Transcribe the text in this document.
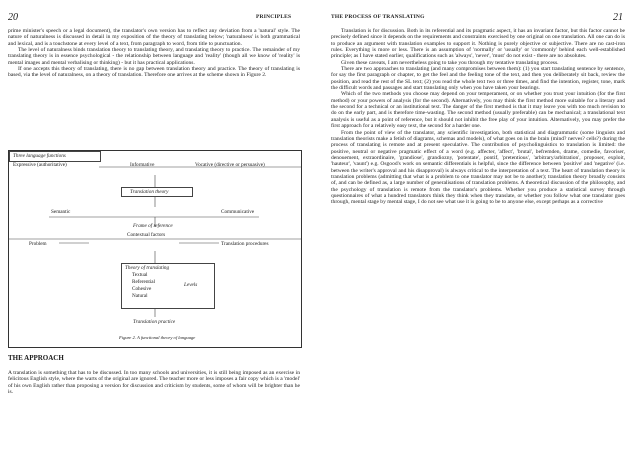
20	PRINCIPLES

prime minister's speech or a legal document), the translator's own version has to reflect any deviation from a 'natural' style. The nature of naturalness is discussed in detail in my exposition of the theory of translating below; 'naturalness' is both grammatical and lexical, and is a touchstone at every level of a text, from paragraph to word, from title to punctuation.

The level of naturalness binds translation theory to translating theory, and translating theory to practice. The remainder of my translating theory is in essence psychological - the relationship between language and 'reality' (though all we know of 'reality' is mental images and mental verbalising or thinking) - but it has practical applications.

If one accepts this theory of translating, there is no gap between translation theory and practice. The theory of translating is based, via the level of naturalness, on a theory of translation. Therefore one arrives at the scheme shown in Figure 2.

Three language functions
Expressive (authoritative)	Informative	Vocative (directive or persuasive)
Translation theory
Semantic	Communicative
Frame of reference
Contextual factors
Problem	Translation procedures
Theory of translating
Textual
Referential
Cohesive
Natural
Levels
Translation practice
Figure 2. A functional theory of language
THE APPROACH

A translation is something that has to be discussed. In too many schools and universities, it is still being imposed as an exercise in felicitous English style, where the warts of the original are ignored. The teacher more or less imposes a fair copy which is a 'model' of his own English rather than proposing a version for discussion and criticism by students, some of whom will be brighter than he is.

THE PROCESS OF TRANSLATING	21

Translation is for discussion. Both in its referential and its pragmatic aspect, it has an invariant factor, but this factor cannot be precisely defined since it depends on the requirements and constraints exercised by one original on one translation. All one can do is to produce an argument with translation examples to support it. Nothing is purely objective or subjective. There are no cast-iron rules. Everything is more or less. There is an assumption of 'normally' or 'usually' or 'commonly' behind each well-established principle; as I have stated earlier, qualifications such as 'always', 'never', 'must' do not exist - there are no absolutes.

Given these caveats, I am nevertheless going to take you through my tentative translating process.

There are two approaches to translating (and many compromises between them): (1) you start translating sentence by sentence, for say the first paragraph or chapter, to get the feel and the feeling tone of the text, and then you deliberately sit back, review the position, and read the rest of the SL text; (2) you read the whole text two or three times, and find the intention, register, tone, mark the difficult words and passages and start translating only when you have taken your bearings.

Which of the two methods you choose may depend on your temperament, or on whether you trust your intuition (for the first method) or your powers of analysis (for the second). Alternatively, you may think the first method more suitable for a literary and the second for a technical or an institutional text. The danger of the first method is that it may leave you with too much revision to do on the early part, and is therefore time-wasting. The second method (usually preferable) can be mechanical; a translational text analysis is useful as a point of reference, but it should not inhibit the free play of your intuition. Alternatively, you may prefer the first approach for a relatively easy text, the second for a harder one.

From the point of view of the translator, any scientific investigation, both statistical and diagrammatic (some linguists and translation theorists make a fetish of diagrams, schemas and models), of what goes on in the brain (mind? nerves? cells?) during the process of translating is remote and at present speculative. The contribution of psycholinguistics to translation is limited: the positive, neutral or negative pragmatic effect of a word (e.g. affecter, 'affect', 'brutal', befremden, drame, comedie, favoriser, denouement, extraordinaire, 'grandiose', grandiozny, 'potentate', pontif, 'pretentious', 'arbitrary/arbitration', proposer, exploit, 'hauteur', 'vaunt') e.g. Osgood's work on semantic differentials is helpful, since the difference between 'positive' and 'negative' (i.e. between the writer's approval and his disapproval) is always critical to the interpretation of a text. The heart of translation theory is translation problems (admitting that what is a problem to one translator may not be to another); translation theory broadly consists of, and can be defined as, a large number of generalisations of translation problems. A theoretical discussion of the philosophy, and the psychology of translation is remote from the translator's problems. Whether you produce a statistical survey through questionnaires of what a hundred translators think they think when they translate, or whether you follow what one translator goes through, mental stage by mental stage, I do not see what use it is going to be to anyone else, except perhaps as a corrective
